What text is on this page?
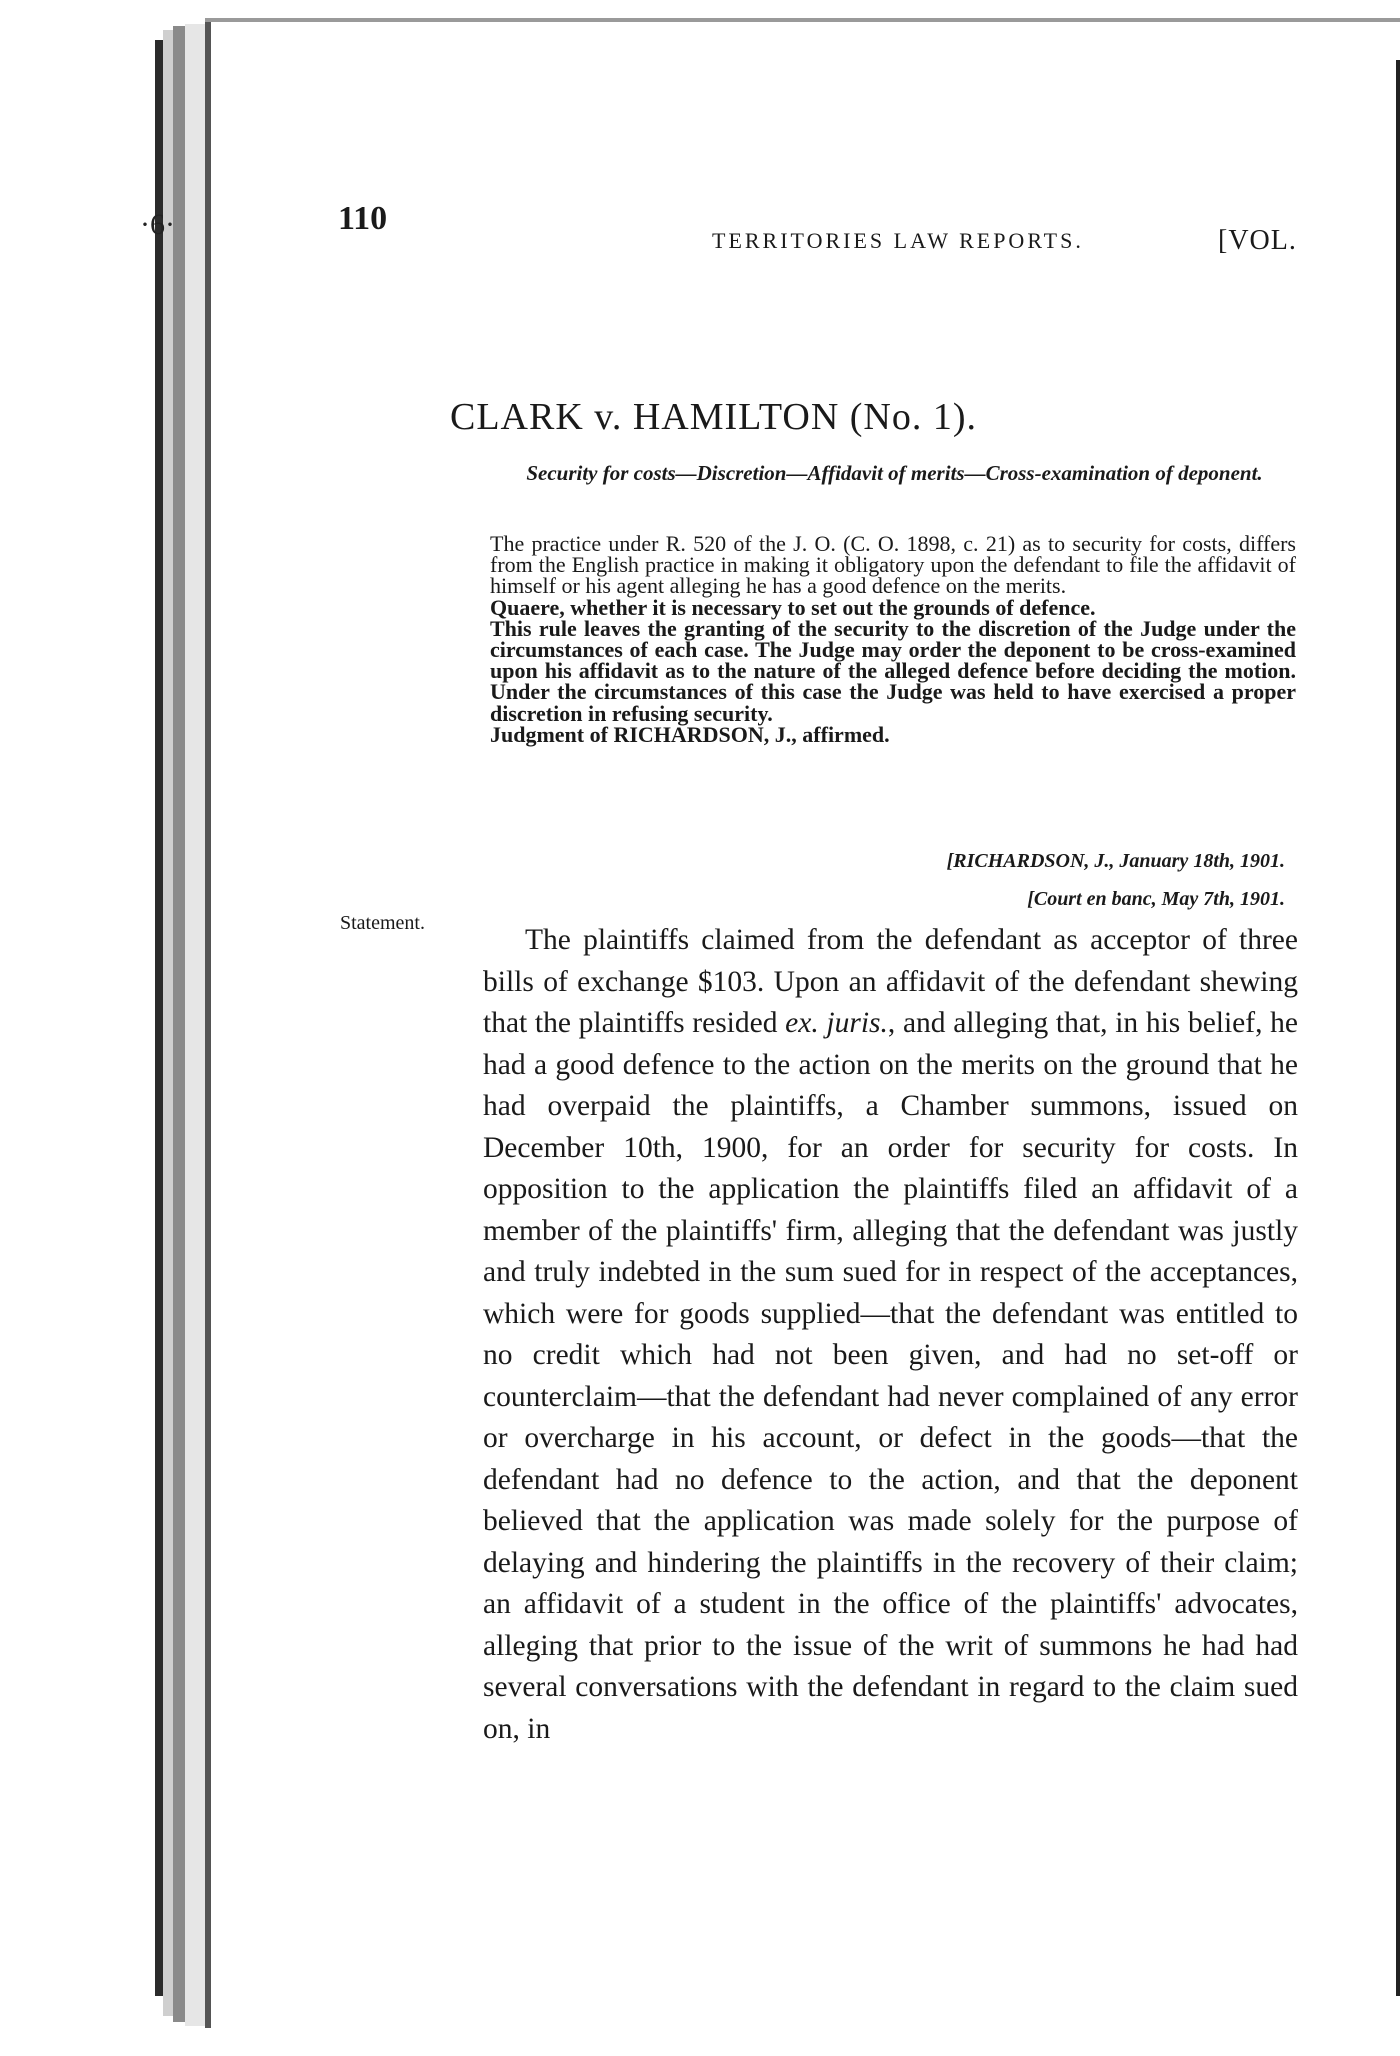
·6·	110
TERRITORIES LAW REPORTS.	[VOL.
CLARK v. HAMILTON (No. 1).
Security for costs—Discretion—Affidavit of merits—Cross-examination of deponent.

The practice under R. 520 of the J. O. (C. O. 1898, c. 21) as to security for costs, differs from the English practice in making it obligatory upon the defendant to file the affidavit of himself or his agent alleging he has a good defence on the merits.

Quaere, whether it is necessary to set out the grounds of defence.

This rule leaves the granting of the security to the discretion of the Judge under the circumstances of each case. The Judge may order the deponent to be cross-examined upon his affidavit as to the nature of the alleged defence before deciding the motion. Under the circumstances of this case the Judge was held to have exercised a proper discretion in refusing security.

Judgment of RICHARDSON, J., affirmed.

[RICHARDSON, J., January 18th, 1901.
[Court en banc, May 7th, 1901.
Statement.

The plaintiffs claimed from the defendant as acceptor of three bills of exchange $103. Upon an affidavit of the defendant shewing that the plaintiffs resided ex. juris., and alleging that, in his belief, he had a good defence to the action on the merits on the ground that he had overpaid the plaintiffs, a Chamber summons, issued on December 10th, 1900, for an order for security for costs. In opposition to the application the plaintiffs filed an affidavit of a member of the plaintiffs' firm, alleging that the defendant was justly and truly indebted in the sum sued for in respect of the acceptances, which were for goods supplied—that the defendant was entitled to no credit which had not been given, and had no set-off or counterclaim—that the defendant had never complained of any error or overcharge in his account, or defect in the goods—that the defendant had no defence to the action, and that the deponent believed that the application was made solely for the purpose of delaying and hindering the plaintiffs in the recovery of their claim; an affidavit of a student in the office of the plaintiffs' advocates, alleging that prior to the issue of the writ of summons he had had several conversations with the defendant in regard to the claim sued on, in
